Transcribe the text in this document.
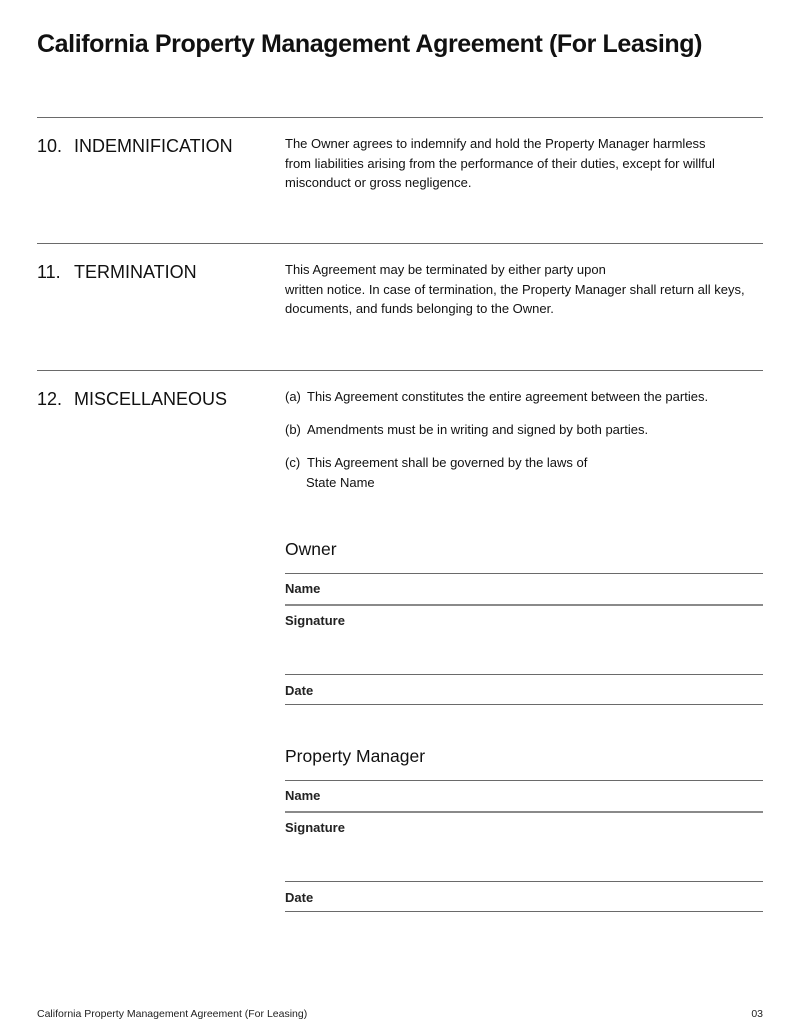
California Property Management Agreement (For Leasing)
10. INDEMNIFICATION	The Owner agrees to indemnify and hold the Property Manager harmless
from liabilities arising from the performance of their duties, except for willful
misconduct or gross negligence.
11. TERMINATION	This Agreement may be terminated by either party upon
written notice. In case of termination, the Property Manager shall return all keys,
documents, and funds belonging to the Owner.
12. MISCELLANEOUS	(a) This Agreement constitutes the entire agreement between the parties.
(b) Amendments must be in writing and signed by both parties.
(c) This Agreement shall be governed by the laws of
State Name
Owner
Name
Signature
Date
Property Manager
Name
Signature
Date
California Property Management Agreement (For Leasing)	03
